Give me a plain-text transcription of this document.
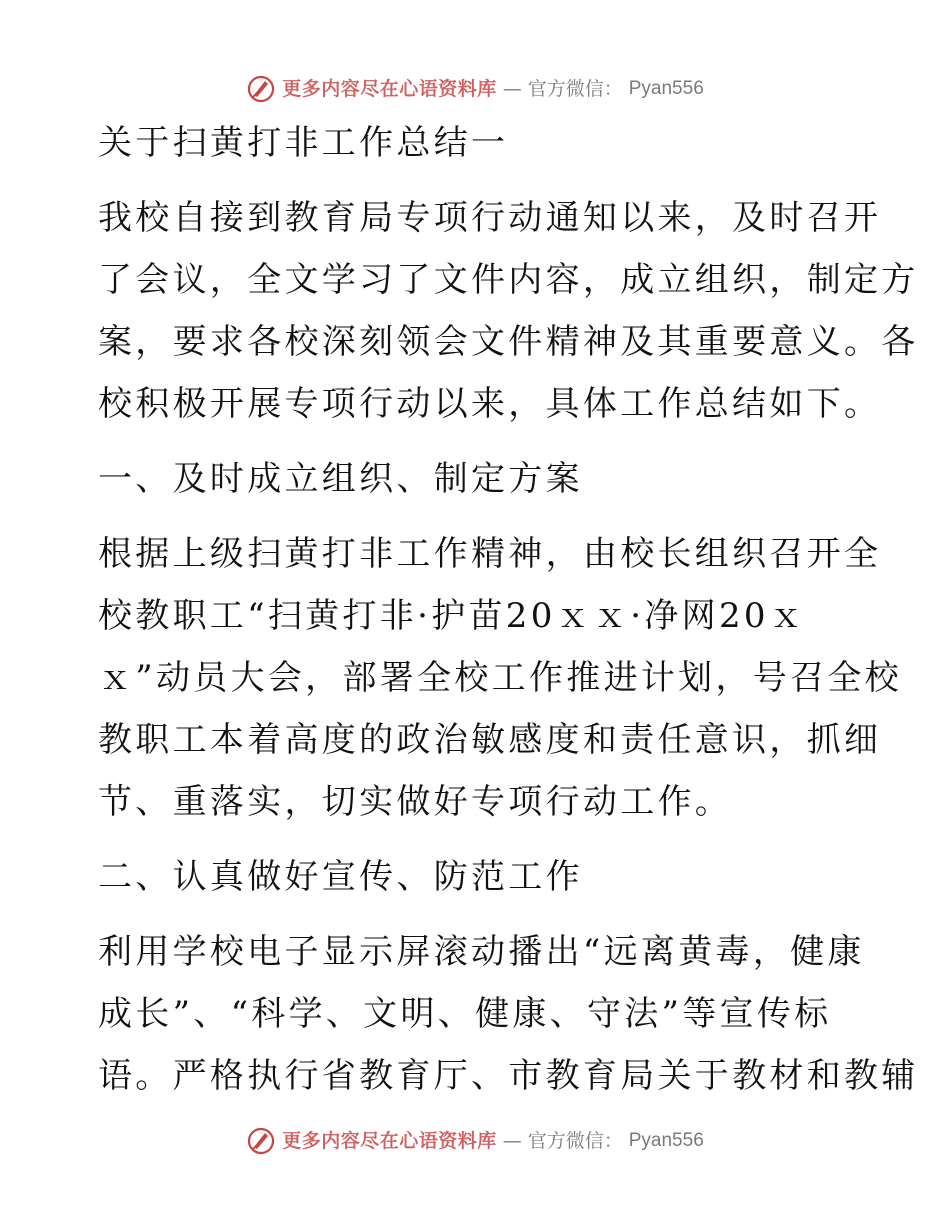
更多内容尽在心语资料库 — 官方微信： Pyan556
关于扫黄打非工作总结一
我校自接到教育局专项行动通知以来，及时召开
了会议，全文学习了文件内容，成立组织，制定方
案，要求各校深刻领会文件精神及其重要意义。各
校积极开展专项行动以来，具体工作总结如下。
一、及时成立组织、制定方案
根据上级扫黄打非工作精神，由校长组织召开全
校教职工“扫黄打非·护苗20ｘｘ·净网20ｘ
ｘ”动员大会，部署全校工作推进计划，号召全校
教职工本着高度的政治敏感度和责任意识，抓细
节、重落实，切实做好专项行动工作。
二、认真做好宣传、防范工作
利用学校电子显示屏滚动播出“远离黄毒，健康
成长”、“科学、文明、健康、守法”等宣传标
语。严格执行省教育厅、市教育局关于教材和教辅
更多内容尽在心语资料库 — 官方微信： Pyan556
